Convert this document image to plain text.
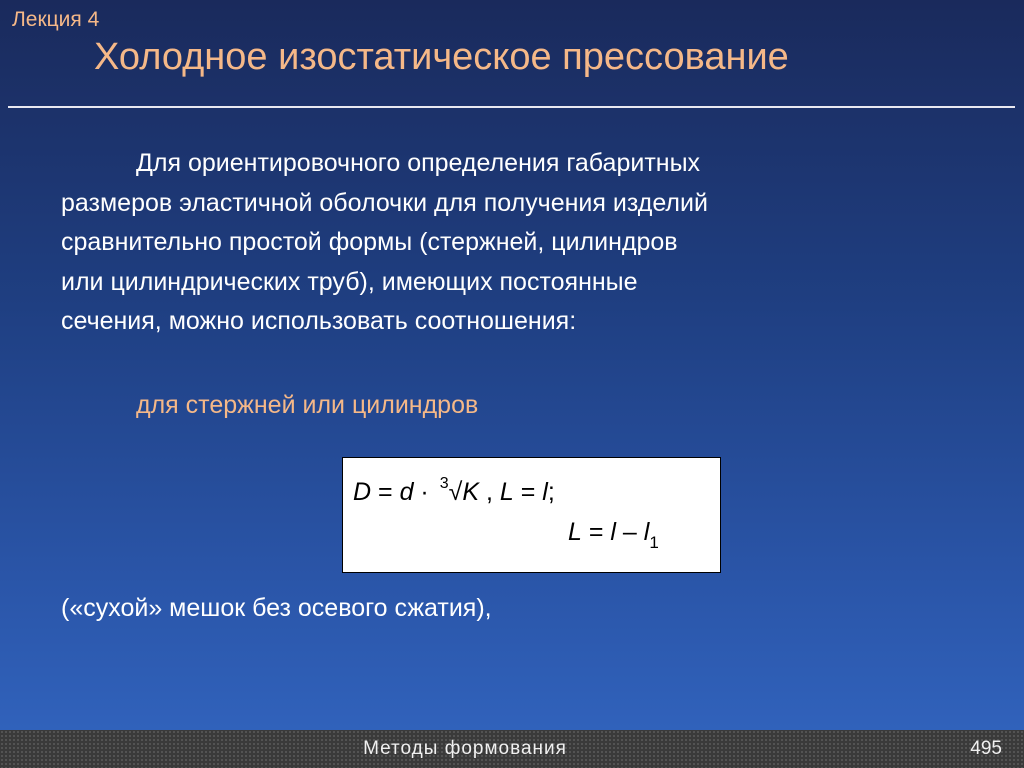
Лекция 4
Холодное изостатическое прессование
Для ориентировочного определения габаритных
размеров эластичной оболочки для получения изделий
сравнительно простой формы (стержней, цилиндров
или цилиндрических труб), имеющих постоянные
сечения, можно использовать соотношения:
для стержней или цилиндров
D = d · $^3$√K , L = l;
$L = l - l_1$
(«сухой» мешок без осевого сжатия),
Методы формования	495
